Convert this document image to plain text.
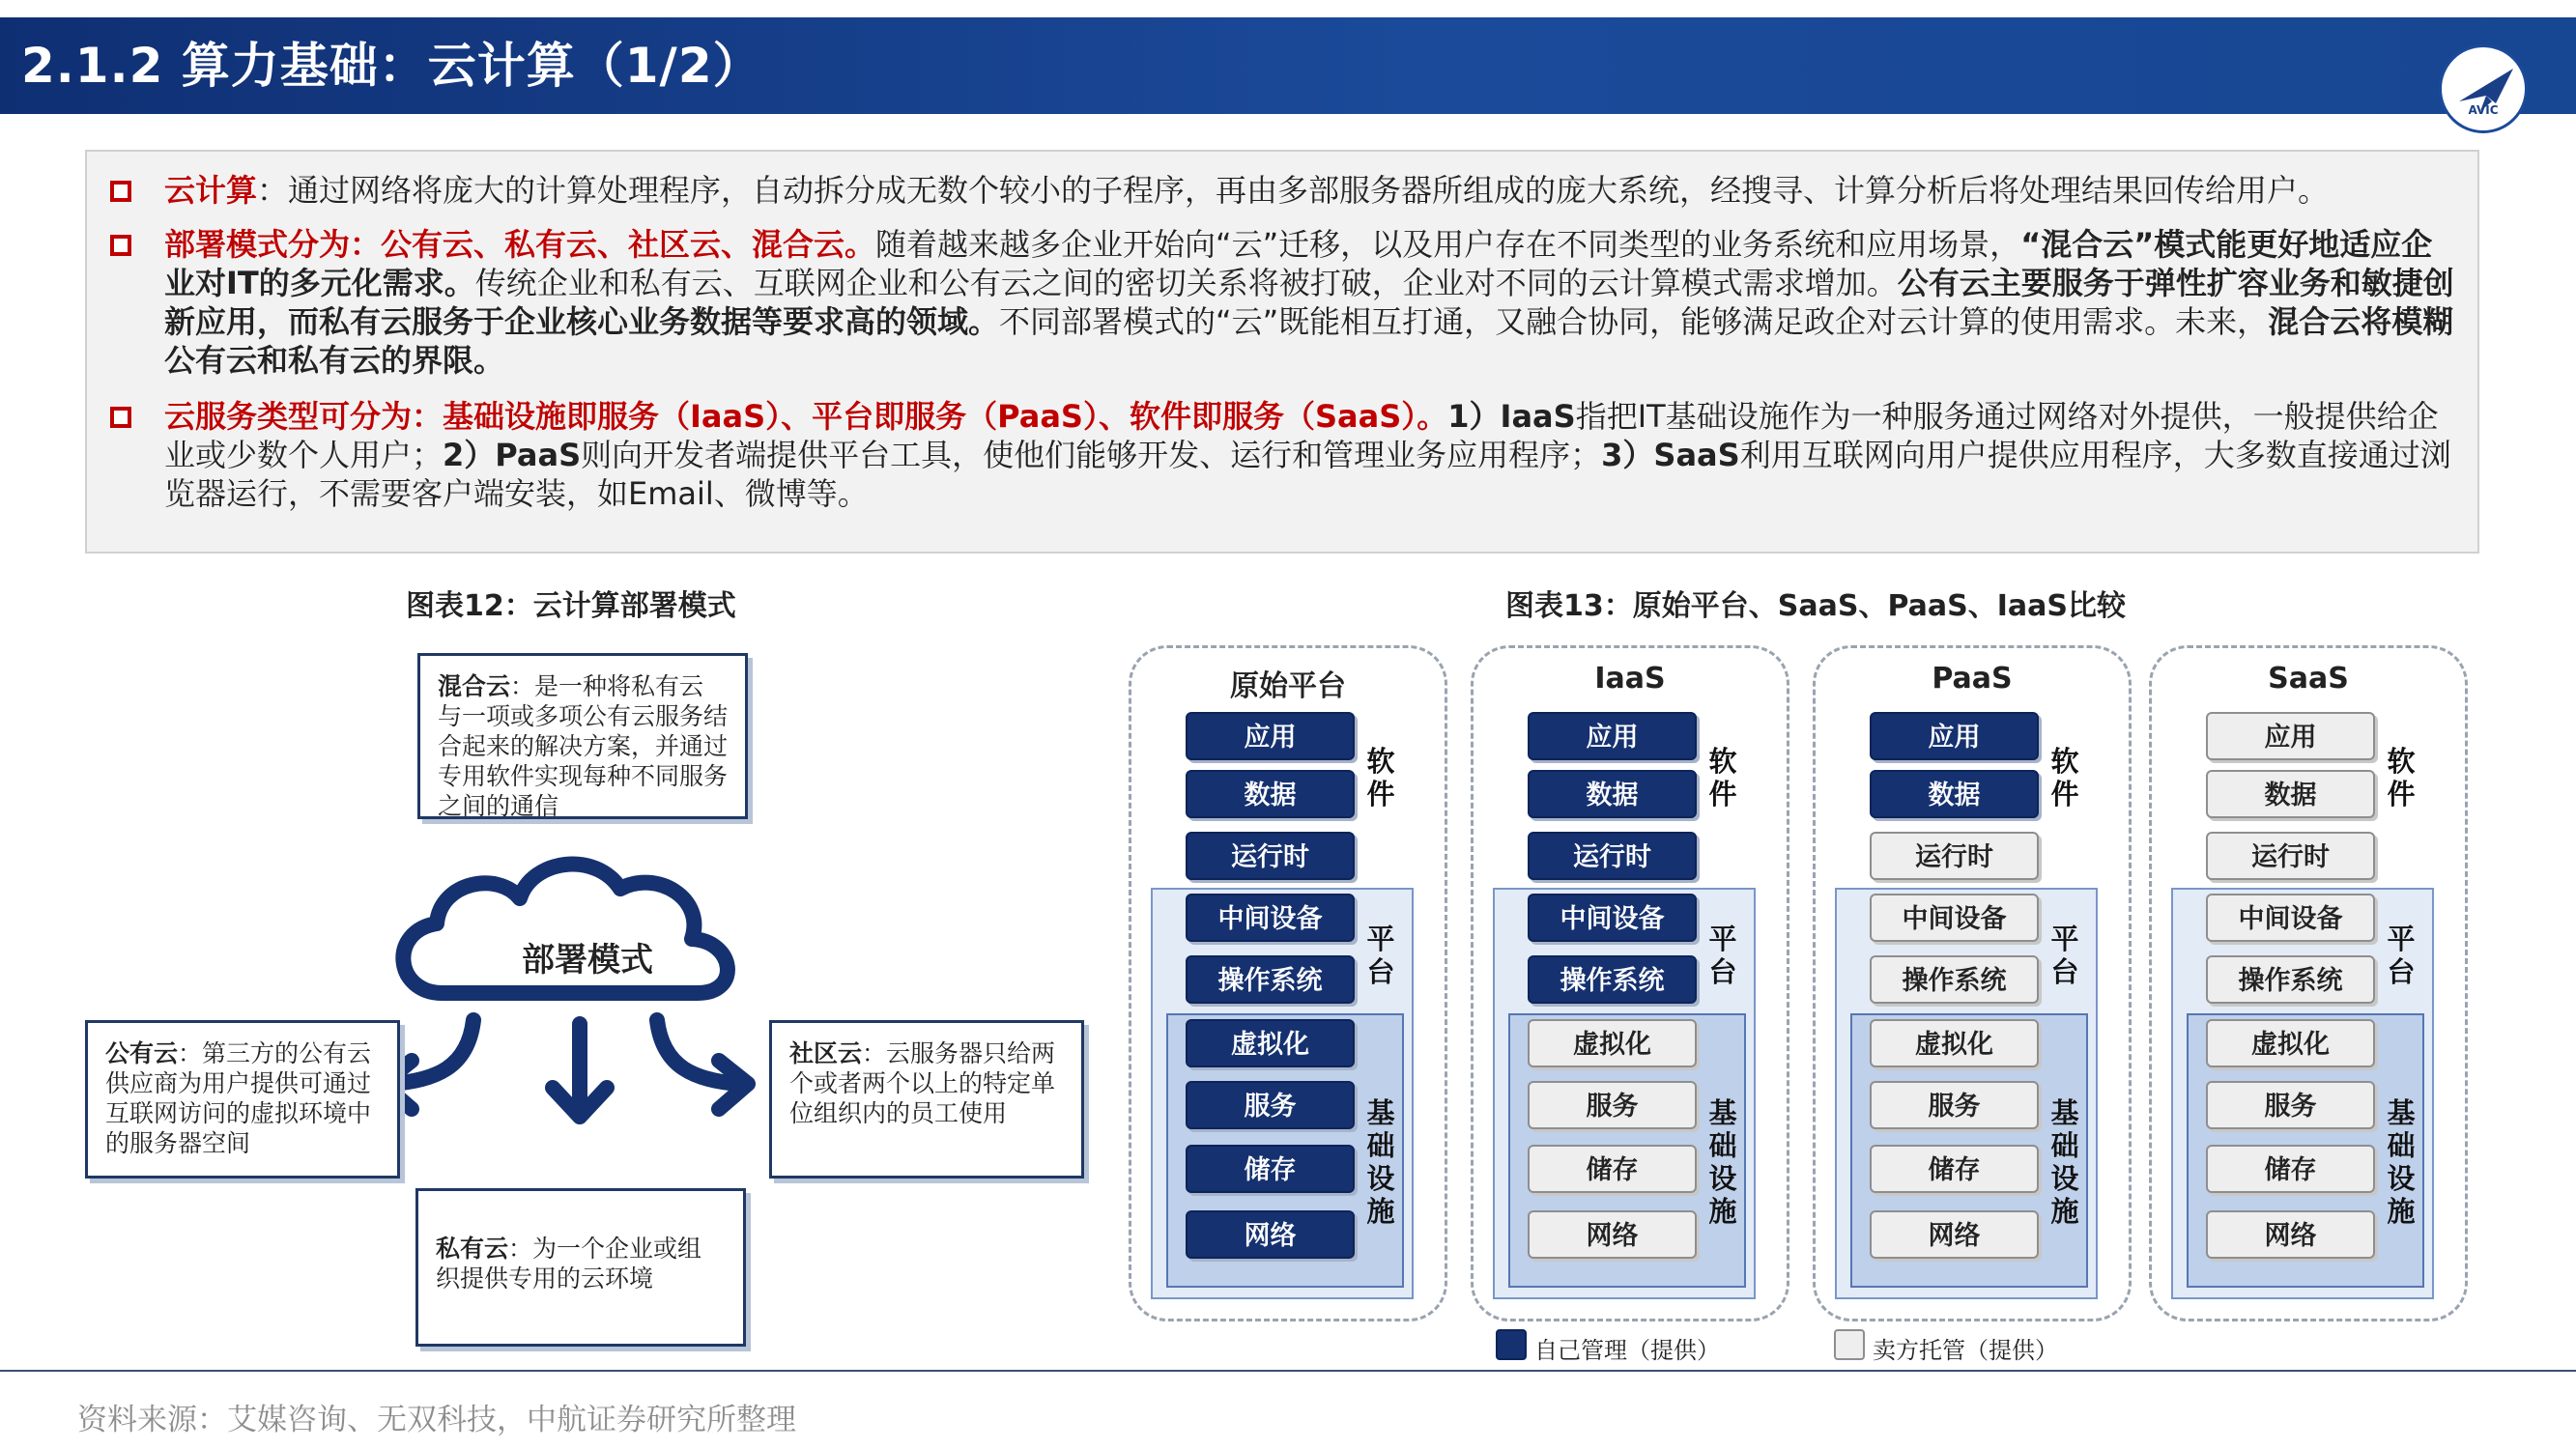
2.1.2 算力基础：云计算（1/2）
AVIC
云计算：通过网络将庞大的计算处理程序，自动拆分成无数个较小的子程序，再由多部服务器所组成的庞大系统，经搜寻、计算分析后将处理结果回传给用户。
部署模式分为：公有云、私有云、社区云、混合云。随着越来越多企业开始向“云”迁移，以及用户存在不同类型的业务系统和应用场景，“混合云”模式能更好地适应企业对IT的多元化需求。传统企业和私有云、互联网企业和公有云之间的密切关系将被打破，企业对不同的云计算模式需求增加。公有云主要服务于弹性扩容业务和敏捷创新应用，而私有云服务于企业核心业务数据等要求高的领域。不同部署模式的“云”既能相互打通，又融合协同，能够满足政企对云计算的使用需求。未来，混合云将模糊公有云和私有云的界限。
云服务类型可分为：基础设施即服务（IaaS）、平台即服务（PaaS）、软件即服务（SaaS）。1）IaaS指把IT基础设施作为一种服务通过网络对外提供，一般提供给企业或少数个人用户；2）PaaS则向开发者端提供平台工具，使他们能够开发、运行和管理业务应用程序；3）SaaS利用互联网向用户提供应用程序，大多数直接通过浏览器运行，不需要客户端安装，如Email、微博等。
图表12：云计算部署模式
混合云：是一种将私有云与一项或多项公有云服务结合起来的解决方案，并通过专用软件实现每种不同服务之间的通信
部署模式
公有云：第三方的公有云供应商为用户提供可通过互联网访问的虚拟环境中的服务器空间
社区云：云服务器只给两个或者两个以上的特定单位组织内的员工使用
私有云：为一个企业或组织提供专用的云环境
图表13：原始平台、SaaS、PaaS、IaaS比较
原始平台
应用
数据
运行时
中间设备
操作系统
虚拟化
服务
储存
网络
软件
平台
基础设施
IaaS
应用
数据
运行时
中间设备
操作系统
虚拟化
服务
储存
网络
软件
平台
基础设施
PaaS
应用
数据
运行时
中间设备
操作系统
虚拟化
服务
储存
网络
软件
平台
基础设施
SaaS
应用
数据
运行时
中间设备
操作系统
虚拟化
服务
储存
网络
软件
平台
基础设施
自己管理（提供）	卖方托管（提供）
资料来源：艾媒咨询、无双科技，中航证券研究所整理
